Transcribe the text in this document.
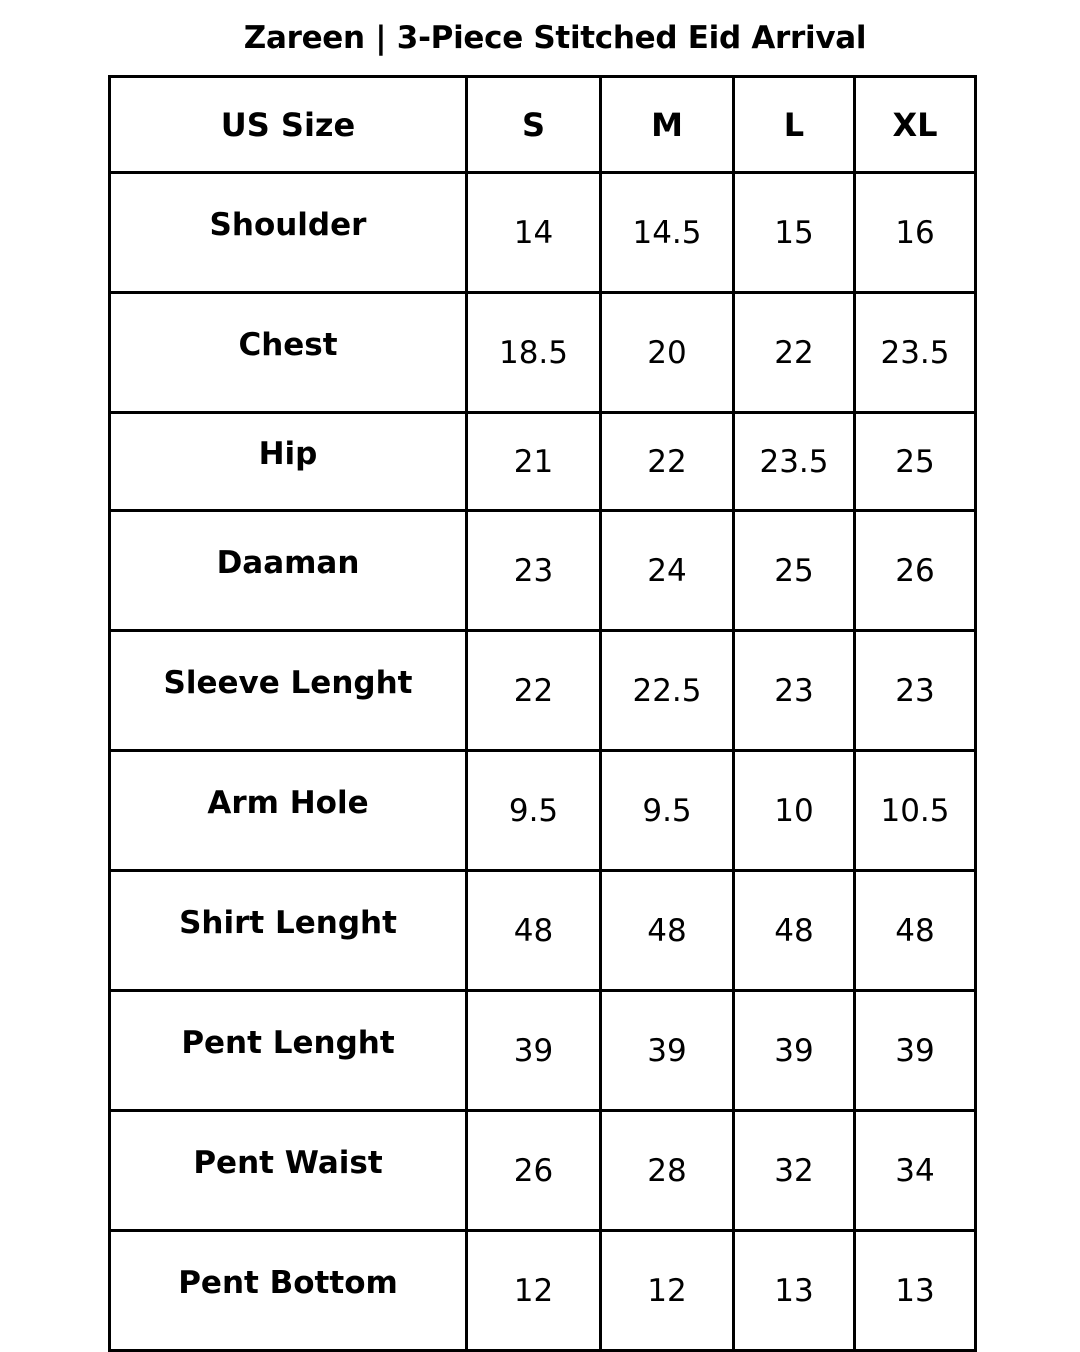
Zareen | 3-Piece Stitched Eid Arrival
US Size	S	M	L	XL
Shoulder	14	14.5	15	16
Chest	18.5	20	22	23.5
Hip	21	22	23.5	25
Daaman	23	24	25	26
Sleeve Lenght	22	22.5	23	23
Arm Hole	9.5	9.5	10	10.5
Shirt Lenght	48	48	48	48
Pent Lenght	39	39	39	39
Pent Waist	26	28	32	34
Pent Bottom	12	12	13	13
